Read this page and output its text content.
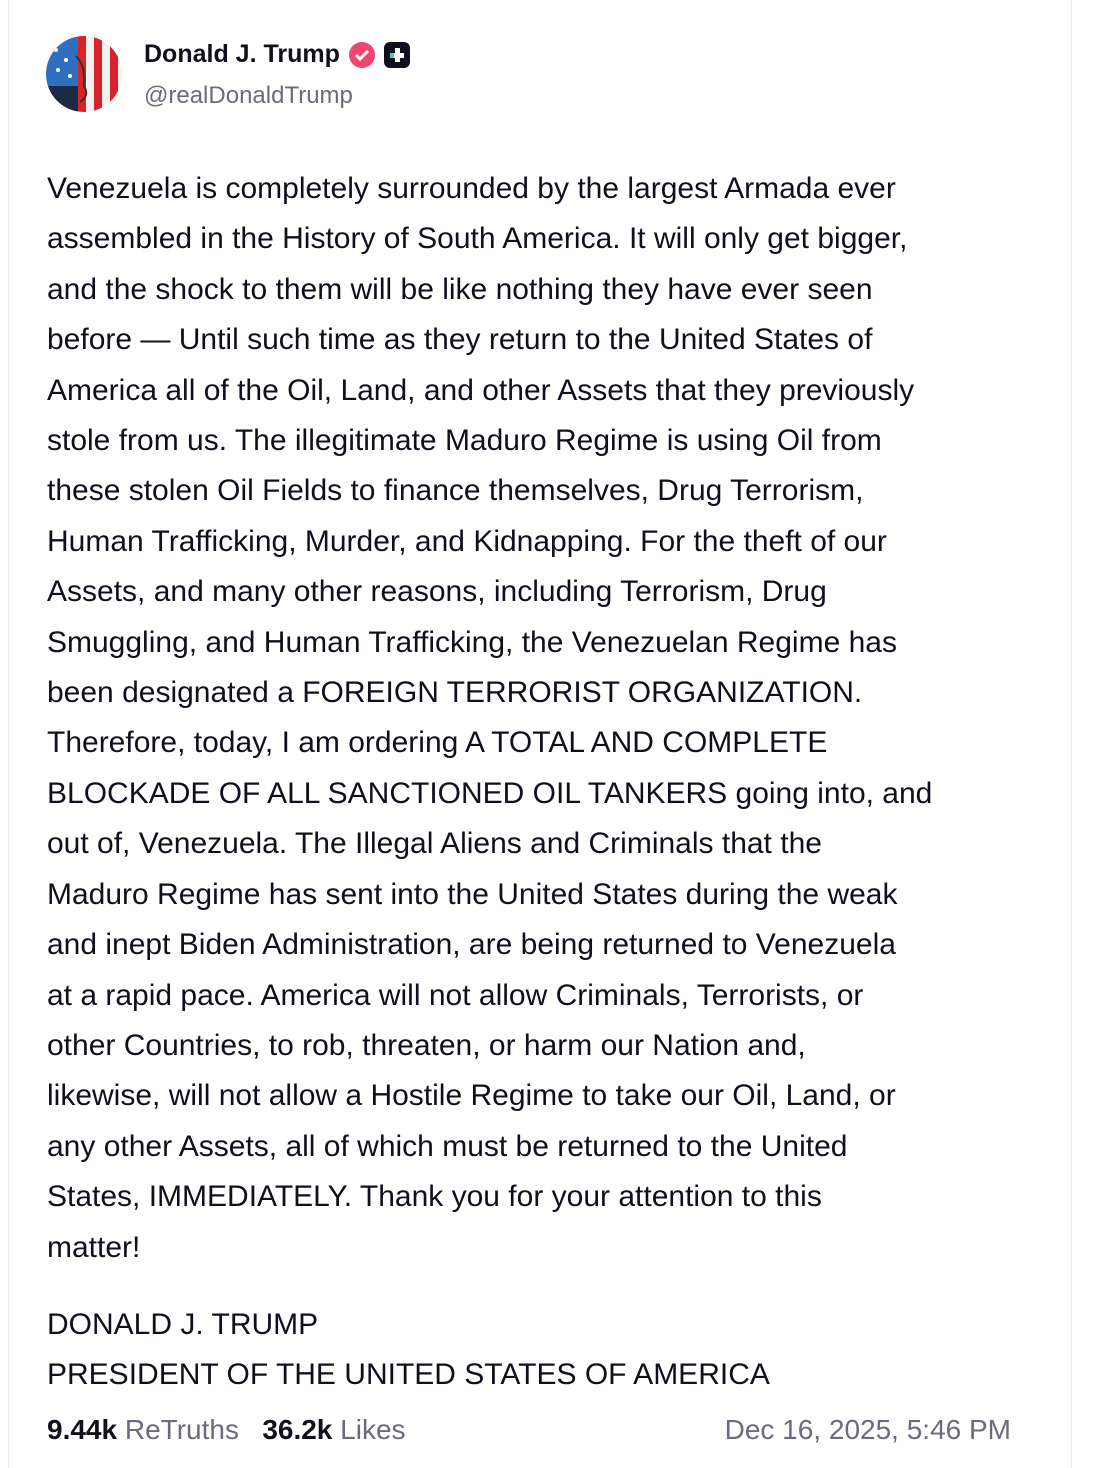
Donald J. Trump
@realDonaldTrump
Venezuela is completely surrounded by the largest Armada ever
assembled in the History of South America. It will only get bigger,
and the shock to them will be like nothing they have ever seen
before — Until such time as they return to the United States of
America all of the Oil, Land, and other Assets that they previously
stole from us. The illegitimate Maduro Regime is using Oil from
these stolen Oil Fields to finance themselves, Drug Terrorism,
Human Trafficking, Murder, and Kidnapping. For the theft of our
Assets, and many other reasons, including Terrorism, Drug
Smuggling, and Human Trafficking, the Venezuelan Regime has
been designated a FOREIGN TERRORIST ORGANIZATION.
Therefore, today, I am ordering A TOTAL AND COMPLETE
BLOCKADE OF ALL SANCTIONED OIL TANKERS going into, and
out of, Venezuela. The Illegal Aliens and Criminals that the
Maduro Regime has sent into the United States during the weak
and inept Biden Administration, are being returned to Venezuela
at a rapid pace. America will not allow Criminals, Terrorists, or
other Countries, to rob, threaten, or harm our Nation and,
likewise, will not allow a Hostile Regime to take our Oil, Land, or
any other Assets, all of which must be returned to the United
States, IMMEDIATELY. Thank you for your attention to this
matter!
DONALD J. TRUMP
PRESIDENT OF THE UNITED STATES OF AMERICA
9.44k ReTruths 36.2k Likes	Dec 16, 2025, 5:46 PM
